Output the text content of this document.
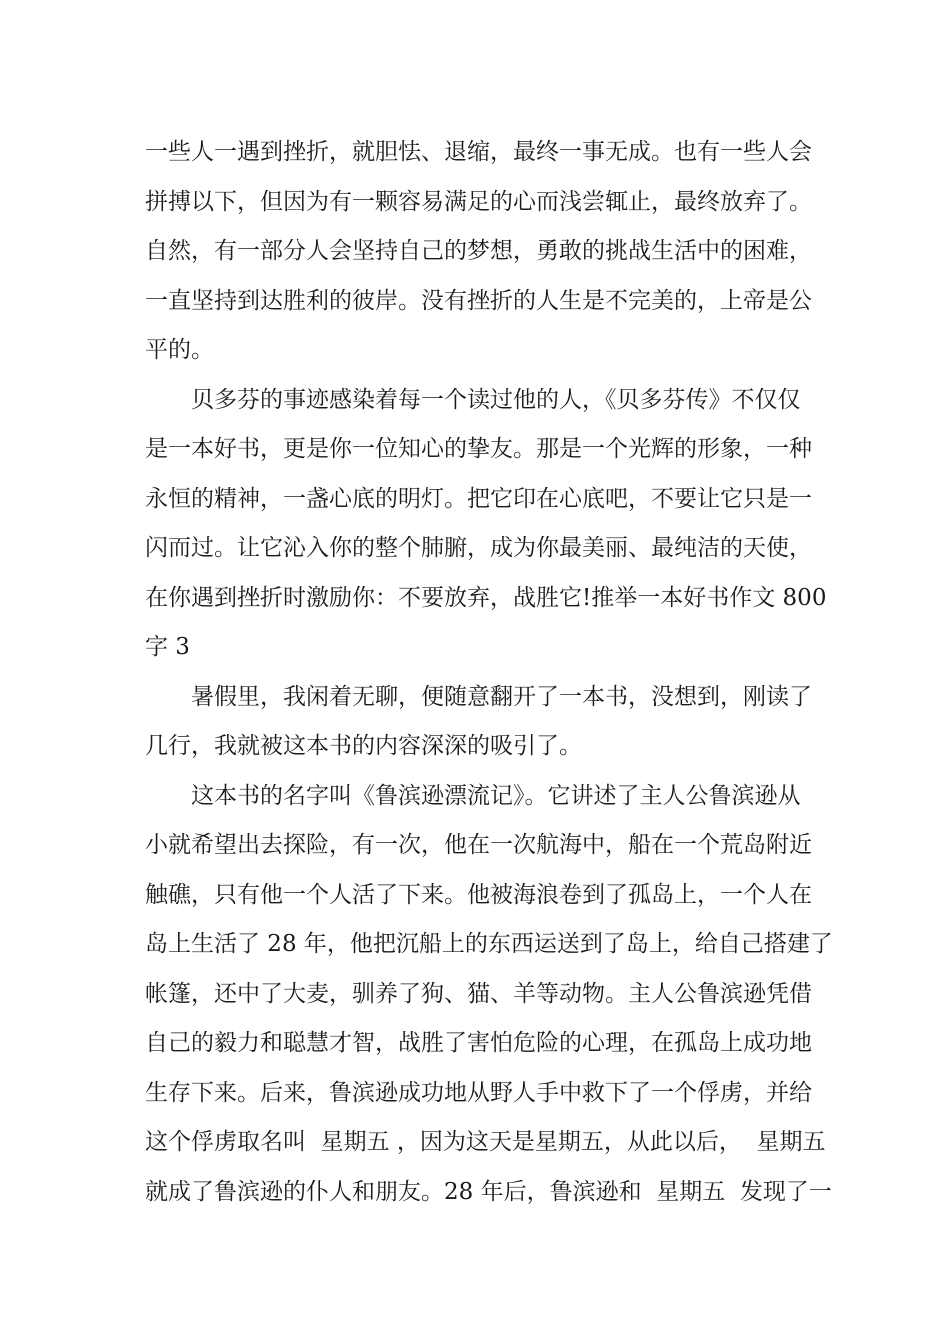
一些人一遇到挫折，就胆怯、退缩，最终一事无成。也有一些人会
拼搏以下，但因为有一颗容易满足的心而浅尝辄止，最终放弃了。
自然，有一部分人会坚持自己的梦想，勇敢的挑战生活中的困难，
一直坚持到达胜利的彼岸。没有挫折的人生是不完美的，上帝是公
平的。
　　贝多芬的事迹感染着每一个读过他的人，《贝多芬传》不仅仅
是一本好书，更是你一位知心的挚友。那是一个光辉的形象，一种
永恒的精神，一盏心底的明灯。把它印在心底吧，不要让它只是一
闪而过。让它沁入你的整个肺腑，成为你最美丽、最纯洁的天使，
在你遇到挫折时激励你：不要放弃，战胜它!推举一本好书作文 800
字 3
　　暑假里，我闲着无聊，便随意翻开了一本书，没想到，刚读了
几行，我就被这本书的内容深深的吸引了。
　　这本书的名字叫《鲁滨逊漂流记》。它讲述了主人公鲁滨逊从
小就希望出去探险，有一次，他在一次航海中，船在一个荒岛附近
触礁，只有他一个人活了下来。他被海浪卷到了孤岛上，一个人在
岛上生活了 28 年，他把沉船上的东西运送到了岛上，给自己搭建了
帐篷，还中了大麦，驯养了狗、猫、羊等动物。主人公鲁滨逊凭借
自己的毅力和聪慧才智，战胜了害怕危险的心理，在孤岛上成功地
生存下来。后来，鲁滨逊成功地从野人手中救下了一个俘虏，并给
这个俘虏取名叫  星期五 ，因为这天是星期五，从此以后，  星期五
就成了鲁滨逊的仆人和朋友。28 年后，鲁滨逊和  星期五  发现了一
